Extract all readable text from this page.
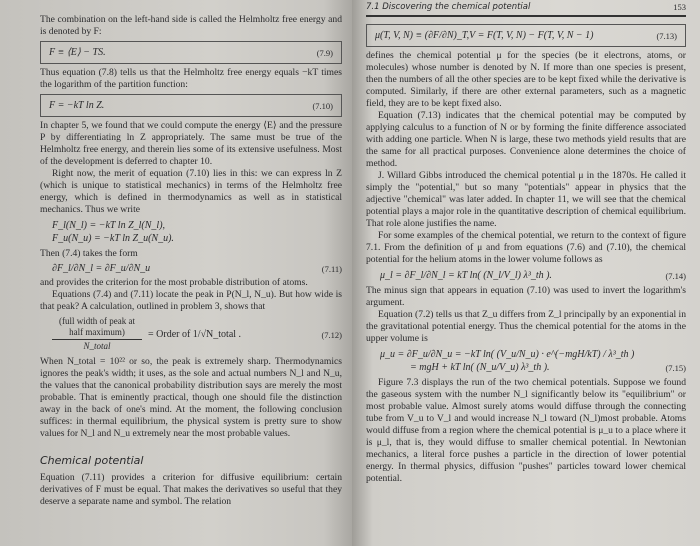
The combination on the left-hand side is called the Helmholtz free energy and is denoted by F:
F ≡ ⟨E⟩ − TS.	(7.9)
Thus equation (7.8) tells us that the Helmholtz free energy equals −kT times the logarithm of the partition function:
F = −kT ln Z.	(7.10)
In chapter 5, we found that we could compute the energy ⟨E⟩ and the pressure P by differentiating ln Z appropriately. The same must be true of the Helmholtz free energy, and therein lies some of its extensive usefulness. Most of the development is deferred to chapter 10.
Right now, the merit of equation (7.10) lies in this: we can express ln Z (which is unique to statistical mechanics) in terms of the Helmholtz free energy, which is defined in thermodynamics as well as in statistical mechanics. Thus we write
F_l(N_l) = −kT ln Z_l(N_l),
F_u(N_u) = −kT ln Z_u(N_u).
Then (7.4) takes the form
∂F_l/∂N_l = ∂F_u/∂N_u	(7.11)
and provides the criterion for the most probable distribution of atoms.
Equations (7.4) and (7.11) locate the peak in P(N_l, N_u). But how wide is that peak? A calculation, outlined in problem 3, shows that
(full width of peak at half maximum)
N_total
= Order of 1/√N_total .	(7.12)
When N_total = 10²² or so, the peak is extremely sharp. Thermodynamics ignores the peak's width; it uses, as the sole and actual numbers N_l and N_u, the values that the canonical probability distribution says are merely the most probable. That is eminently practical, though one should file the distinction away in the back of one's mind. At the moment, the following conclusion suffices: in thermal equilibrium, the physical system is pretty sure to show values for N_l and N_u extremely near the most probable values.
Chemical potential
Equation (7.11) provides a criterion for diffusive equilibrium: certain derivatives of F must be equal. That makes the derivatives so useful that they deserve a separate name and symbol. The relation
7.1 Discovering the chemical potential	153
μ(T, V, N) ≡ (∂F/∂N)_T,V = F(T, V, N) − F(T, V, N − 1)	(7.13)
defines the chemical potential μ for the species (be it electrons, atoms, or molecules) whose number is denoted by N. If more than one species is present, then the numbers of all the other species are to be kept fixed while the derivative is computed. Similarly, if there are other external parameters, such as a magnetic field, they are to be kept fixed also.
Equation (7.13) indicates that the chemical potential may be computed by applying calculus to a function of N or by forming the finite difference associated with adding one particle. When N is large, these two methods yield results that are the same for all practical purposes. Convenience alone determines the choice of method.
J. Willard Gibbs introduced the chemical potential μ in the 1870s. He called it simply the "potential," but so many "potentials" appear in physics that the adjective "chemical" was later added. In chapter 11, we will see that the chemical potential plays a major role in the quantitative description of chemical equilibrium. That role alone justifies the name.
For some examples of the chemical potential, we return to the context of figure 7.1. From the definition of μ and from equations (7.6) and (7.10), the chemical potential for the helium atoms in the lower volume follows as
μ_l = ∂F_l/∂N_l = kT ln( (N_l/V_l) λ³_th ).	(7.14)
The minus sign that appears in equation (7.10) was used to invert the logarithm's argument.
Equation (7.2) tells us that Z_u differs from Z_l principally by an exponential in the gravitational potential energy. Thus the chemical potential for the atoms in the upper volume is
μ_u = ∂F_u/∂N_u = −kT ln( (V_u/N_u) · e^(−mgH/kT) / λ³_th )
= mgH + kT ln( (N_u/V_u) λ³_th ).	(7.15)
Figure 7.3 displays the run of the two chemical potentials. Suppose we found the gaseous system with the number N_l significantly below its "equilibrium" or most probable value. Almost surely atoms would diffuse through the connecting tube from V_u to V_l and would increase N_l toward (N_l)most probable. Atoms would diffuse from a region where the chemical potential is μ_u to a place where it is μ_l, that is, they would diffuse to smaller chemical potential. In Newtonian mechanics, a literal force pushes a particle in the direction of lower potential energy. In thermal physics, diffusion "pushes" particles toward lower chemical potential.
